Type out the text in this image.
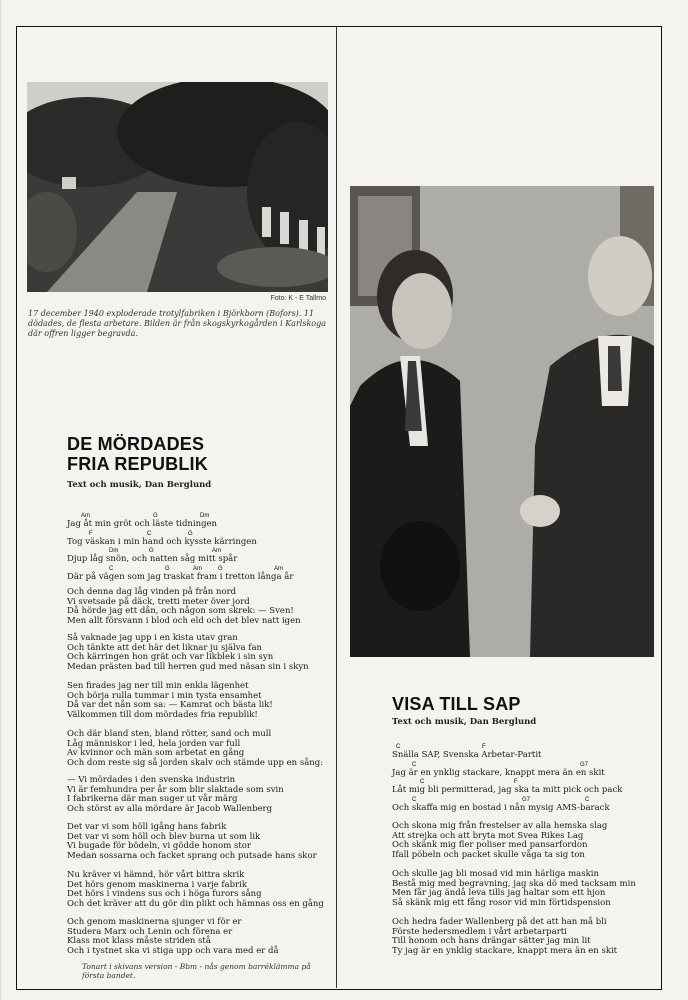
Foto: K - E Tallmo
17 december 1940 exploderade trotylfabriken i Björkborn (Bofors). 11 dödades, de flesta arbetare. Bilden är från skogskyrkogården i Karlskoga där offren ligger begravda.
DE MÖRDADES
FRIA REPUBLIK
Text och musik, Dan Berglund
Am	G	Dm
Jag åt min gröt och läste tidningen
F	C	G
Tog väskan i min hand och kysste kärringen
Dm	G	Am
Djup låg snön, och natten såg mitt spår
C	G	Am	G	Am
Där på vägen som jag traskat fram i tretton långa år
Och denna dag låg vinden på från nord
Vi svetsade på däck, tretti meter över jord
Då hörde jag ett dån, och någon som skrek: — Sven!
Men allt försvann i blod och eld och det blev natt igen
Så vaknade jag upp i en kista utav gran
Och tänkte att det här det liknar ju själva fan
Och kärringen hon grät och var likblek i sin syn
Medan prästen bad till herren gud med näsan sin i skyn
Sen firades jag ner till min enkla lägenhet
Och börja rulla tummar i min tysta ensamhet
Då var det nån som sa: — Kamrat och bästa lik!
Välkommen till dom mördades fria republik!
Och där bland sten, bland rötter, sand och mull
Låg människor i led, hela jorden var full
Av kvinnor och män som arbetat en gång
Och dom reste sig så jorden skalv och stämde upp en sång:
— Vi mördades i den svenska industrin
Vi är femhundra per år som blir slaktade som svin
I fabrikerna där man suger ut vår märg
Och störst av alla mördare är Jacob Wallenberg
Det var vi som höll igång hans fabrik
Det var vi som höll och blev burna ut som lik
Vi bugade för bödeln, vi gödde honom stor
Medan sossarna och facket sprang och putsade hans skor
Nu kräver vi hämnd, hör vårt bittra skrik
Det hörs genom maskinerna i varje fabrik
Det hörs i vindens sus och i höga furors sång
Och det kräver att du gör din plikt och hämnas oss en gång
Och genom maskinerna sjunger vi för er
Studera Marx och Lenin och förena er
Klass mot klass måste striden stå
Och i tystnet ska vi stiga upp och vara med er då
Tonart i skivans version - Bbm - nås genom barréklämma på första bandet.
VISA TILL SAP
Text och musik, Dan Berglund
C	F
Snälla SAP, Svenska Arbetar-Partit
C	G7
Jag är en ynklig stackare, knappt mera än en skit
C	F
Låt mig bli permitterad, jag ska ta mitt pick och pack
C	G7	C
Och skaffa mig en bostad i nån mysig AMS-barack
Och skona mig från frestelser av alla hemska slag
Att strejka och att bryta mot Svea Rikes Lag
Och skänk mig fler poliser med pansarfordon
Ifall pöbeln och packet skulle våga ta sig ton
Och skulle jag bli mosad vid min härliga maskin
Bestå mig med begravning, jag ska dö med tacksam min
Men får jag ändå leva tills jag haltar som ett hjon
Så skänk mig ett fång rosor vid min förtidspension
Och hedra fader Wallenberg på det att han må bli
Förste hedersmedlem i vårt arbetarparti
Till honom och hans drängar sätter jag min lit
Ty jag är en ynklig stackare, knappt mera än en skit
